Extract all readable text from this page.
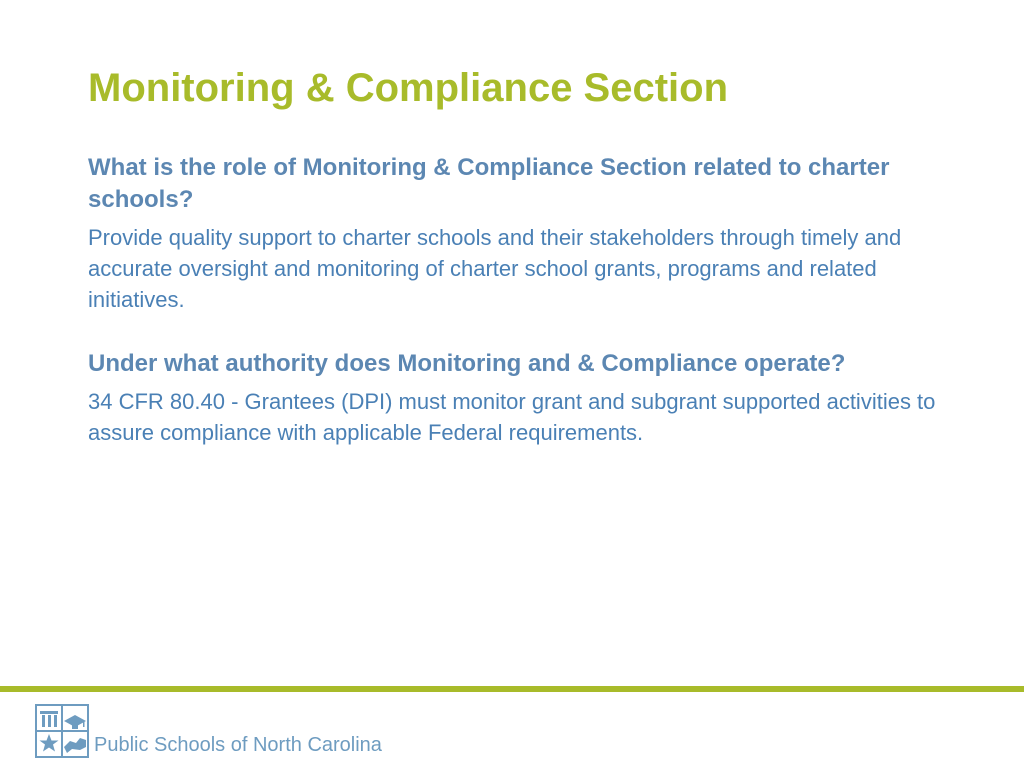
Monitoring & Compliance Section

What is the role of Monitoring & Compliance Section related to charter schools?

Provide quality support to charter schools and their stakeholders through timely and accurate oversight and monitoring of charter school grants, programs and related initiatives.

Under what authority does Monitoring and & Compliance operate?

34 CFR 80.40 - Grantees (DPI) must monitor grant and subgrant supported activities to assure compliance with applicable Federal requirements.

Public Schools of North Carolina
